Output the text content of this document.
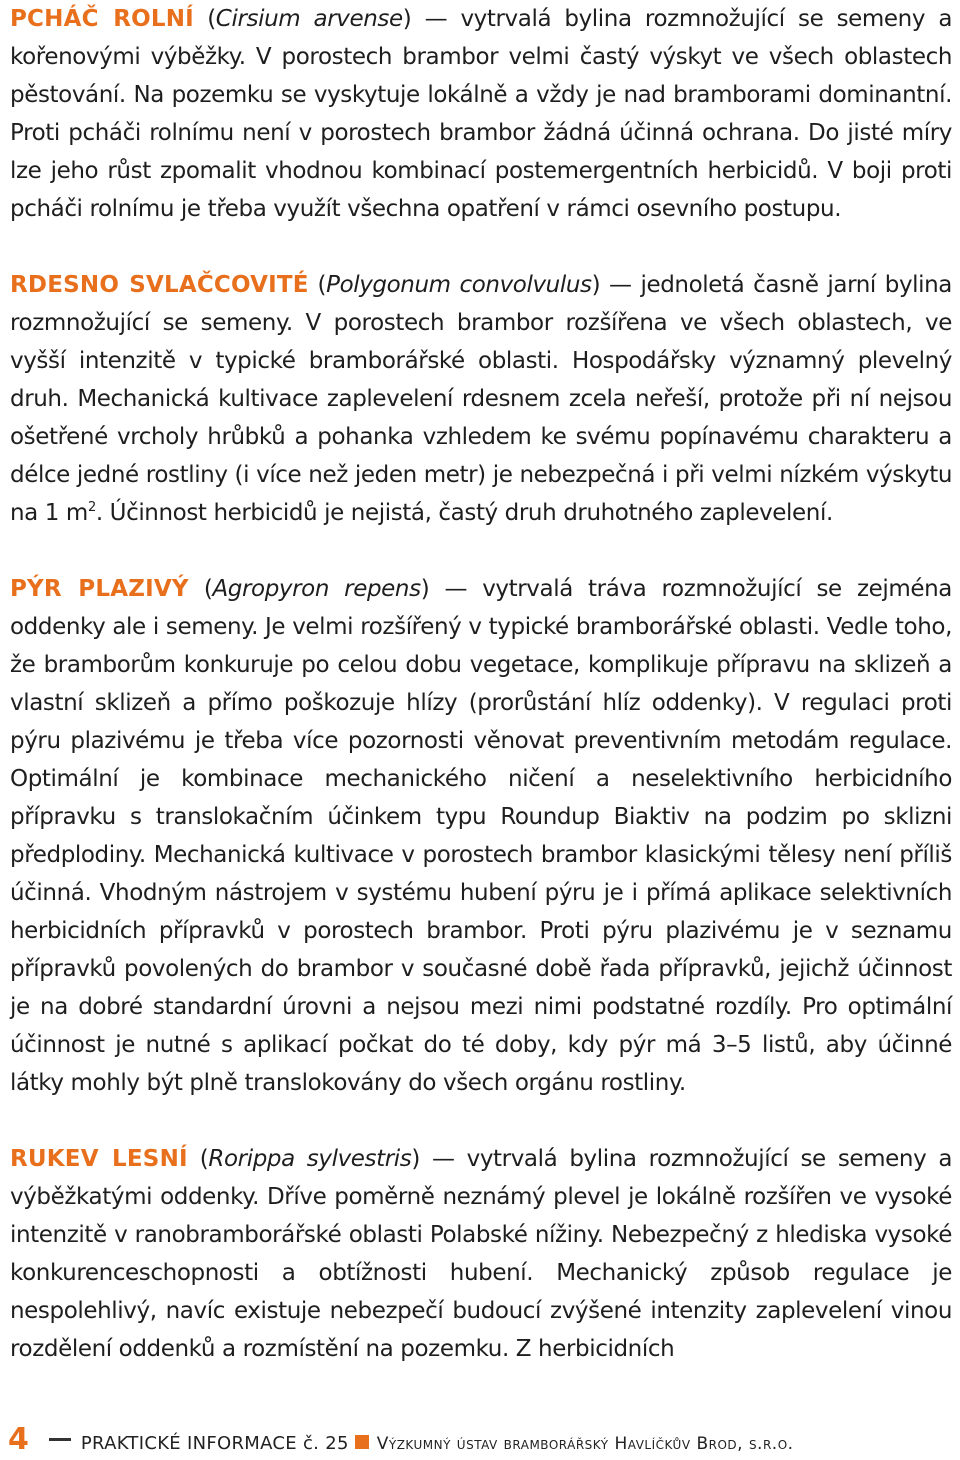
PCHÁČ ROLNÍ (Cirsium arvense) — vytrvalá bylina rozmnožující se semeny a kořenovými výběžky. V porostech brambor velmi častý výskyt ve všech oblastech pěstování. Na pozemku se vyskytuje lokálně a vždy je nad bramborami dominantní. Proti pcháči rolnímu není v porostech brambor žádná účinná ochrana. Do jisté míry lze jeho růst zpomalit vhodnou kombinací postemergentních herbicidů. V boji proti pcháči rolnímu je třeba využít všechna opatření v rámci osevního postupu.

RDESNO SVLAČCOVITÉ (Polygonum convolvulus) — jednoletá časně jarní bylina rozmnožující se semeny. V porostech brambor rozšířena ve všech oblastech, ve vyšší intenzitě v typické bramborářské oblasti. Hospodářsky významný plevelný druh. Mechanická kultivace zaplevelení rdesnem zcela neřeší, protože při ní nejsou ošetřené vrcholy hrůbků a pohanka vzhledem ke svému popínavému charakteru a délce jedné rostliny (i více než jeden metr) je nebezpečná i při velmi nízkém výskytu na 1 $m^2$. Účinnost herbicidů je nejistá, častý druh druhotného zaplevelení.

PÝR PLAZIVÝ (Agropyron repens) — vytrvalá tráva rozmnožující se zejména oddenky ale i semeny. Je velmi rozšířený v typické bramborářské oblasti. Vedle toho, že bramborům konkuruje po celou dobu vegetace, komplikuje přípravu na sklizeň a vlastní sklizeň a přímo poškozuje hlízy (prorůstání hlíz oddenky). V regulaci proti pýru plazivému je třeba více pozornosti věnovat preventivním metodám regulace. Optimální je kombinace mechanického ničení a neselektivního herbicidního přípravku s translokačním účinkem typu Roundup Biaktiv na podzim po sklizni předplodiny. Mechanická kultivace v porostech brambor klasickými tělesy není příliš účinná. Vhodným nástrojem v systému hubení pýru je i přímá aplikace selektivních herbicidních přípravků v porostech brambor. Proti pýru plazivému je v seznamu přípravků povolených do brambor v současné době řada přípravků, jejichž účinnost je na dobré standardní úrovni a nejsou mezi nimi podstatné rozdíly. Pro optimální účinnost je nutné s aplikací počkat do té doby, kdy pýr má 3–5 listů, aby účinné látky mohly být plně translokovány do všech orgánu rostliny.

RUKEV LESNÍ (Rorippa sylvestris) — vytrvalá bylina rozmnožující se semeny a výběžkatými oddenky. Dříve poměrně neznámý plevel je lokálně rozšířen ve vysoké intenzitě v ranobramborářské oblasti Polabské nížiny. Nebezpečný z hlediska vysoké konkurenceschopnosti a obtížnosti hubení. Mechanický způsob regulace je nespolehlivý, navíc existuje nebezpečí budoucí zvýšené intenzity zaplevelení vinou rozdělení oddenků a rozmístění na pozemku. Z herbicidních

4	PRAKTICKÉ INFORMACE č. 25 Výzkumný ústav bramborářský Havlíčkův Brod, s.r.o.
